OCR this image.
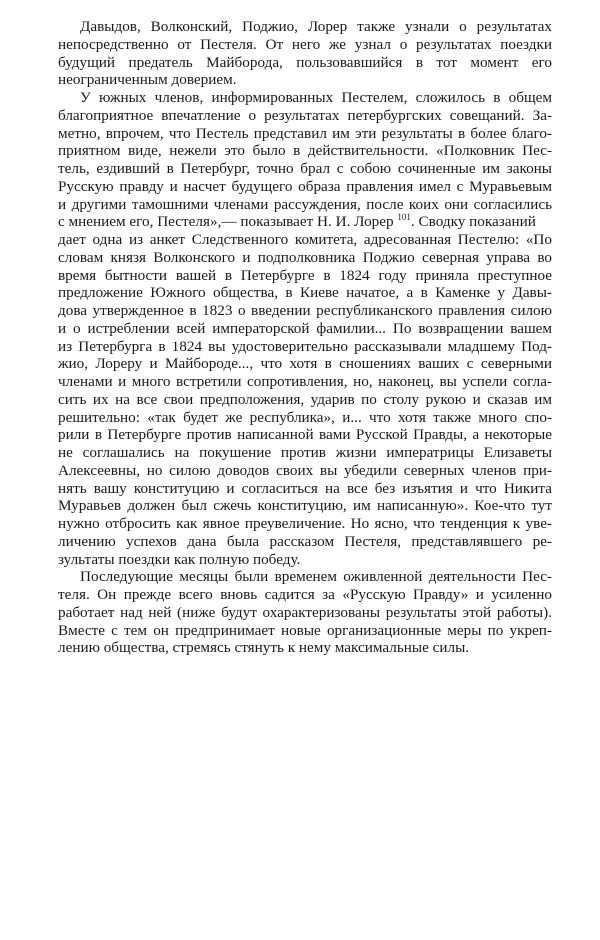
Давыдов, Волконский, Поджио, Лорер также узнали о результатах
непосредственно от Пестеля. От него же узнал о результатах поездки
будущий предатель Майборода, пользовавшийся в тот момент его
неограниченным доверием.
У южных членов, информированных Пестелем, сложилось в общем
благоприятное впечатление о результатах петербургских совещаний. За-
метно, впрочем, что Пестель представил им эти результаты в более благо-
приятном виде, нежели это было в действительности. «Полковник Пес-
тель, ездивший в Петербург, точно брал с собою сочиненные им законы
Русскую правду и насчет будущего образа правления имел с Муравьевым
и другими тамошними членами рассуждения, после коих они согласились
с мнением его, Пестеля»,— показывает Н. И. Лорер $^{101}$. Сводку показаний
дает одна из анкет Следственного комитета, адресованная Пестелю: «По
словам князя Волконского и подполковника Поджио северная управа во
время бытности вашей в Петербурге в 1824 году приняла преступное
предложение Южного общества, в Киеве начатое, а в Каменке у Давы-
дова утвержденное в 1823 о введении республиканского правления силою
и о истреблении всей императорской фамилии... По возвращении вашем
из Петербурга в 1824 вы удостоверительно рассказывали младшему Под-
жио, Лореру и Майбороде..., что хотя в сношениях ваших с северными
членами и много встретили сопротивления, но, наконец, вы успели соглa-
сить их на все свои предположения, ударив по столу рукою и сказав им
решительно: «так будет же республика», и... что хотя также много спо-
рили в Петербурге против написанной вами Русской Правды, а некоторые
не соглашались на покушение против жизни императрицы Елизаветы
Алексеевны, но силою доводов своих вы убедили северных членов при-
нять вашу конституцию и согласиться на все без изъятия и что Никита
Муравьев должен был сжечь конституцию, им написанную». Кое-что тут
нужно отбросить как явное преувеличение. Но ясно, что тенденция к уве-
личению успехов дана была рассказом Пестеля, представлявшего ре-
зультаты поездки как полную победу.
Последующие месяцы были временем оживленной деятельности Пес-
теля. Он прежде всего вновь садится за «Русскую Правду» и усиленно
работает над ней (ниже будут охарактеризованы результаты этой работы).
Вместе с тем он предпринимает новые организационные меры по укреп-
лению общества, стремясь стянуть к нему максимальные силы.
